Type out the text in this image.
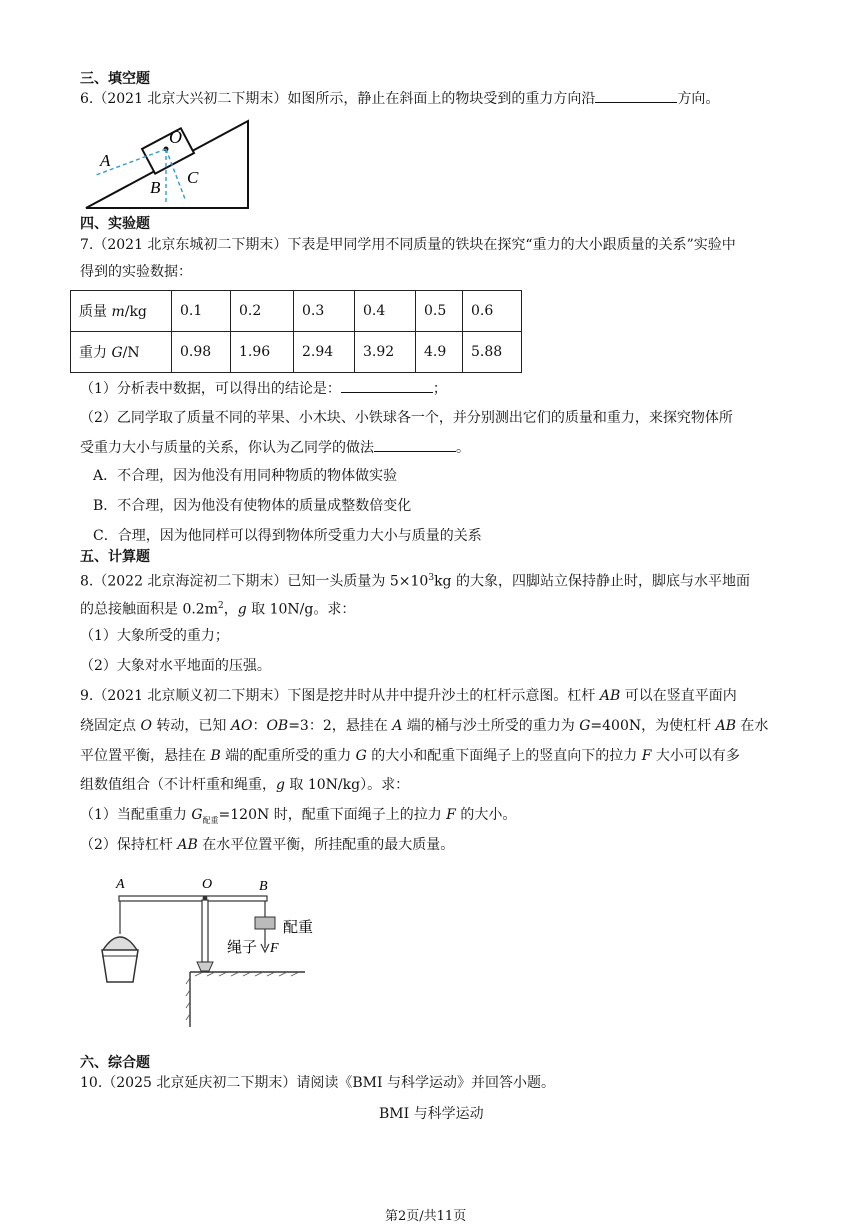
三、填空题
6.（2021 北京大兴初二下期末）如图所示，静止在斜面上的物块受到的重力方向沿	方向。
O
A
B
C
四、实验题
7.（2021 北京东城初二下期末）下表是甲同学用不同质量的铁块在探究“重力的大小跟质量的关系”实验中
得到的实验数据：
质量 m/kg	0.1	0.2	0.3	0.4	0.5	0.6
重力 G/N	0.98	1.96	2.94	3.92	4.9	5.88
（1）分析表中数据，可以得出的结论是：	；
（2）乙同学取了质量不同的苹果、小木块、小铁球各一个，并分别测出它们的质量和重力，来探究物体所
受重力大小与质量的关系，你认为乙同学的做法	。
A．不合理，因为他没有用同种物质的物体做实验
B．不合理，因为他没有使物体的质量成整数倍变化
C．合理，因为他同样可以得到物体所受重力大小与质量的关系
五、计算题
8.（2022 北京海淀初二下期末）已知一头质量为 $5\times 10^3kg$ 的大象，四脚站立保持静止时，脚底与水平地面
的总接触面积是 $0.2m^2$，g 取 10N/g。求：
（1）大象所受的重力；
（2）大象对水平地面的压强。
9.（2021 北京顺义初二下期末）下图是挖井时从井中提升沙土的杠杆示意图。杠杆 AB 可以在竖直平面内
绕固定点 O 转动，已知 AO：OB=3：2，悬挂在 A 端的桶与沙土所受的重力为 G=400N，为使杠杆 AB 在水
平位置平衡，悬挂在 B 端的配重所受的重力 G 的大小和配重下面绳子上的竖直向下的拉力 F 大小可以有多
组数值组合（不计杆重和绳重，g 取 10N/kg）。求：
（1）当配重重力 $G_{配重}=120N$ 时，配重下面绳子上的拉力 F 的大小。
（2）保持杠杆 AB 在水平位置平衡，所挂配重的最大质量。
A	O	B
配重
绳子 F
六、综合题
10.（2025 北京延庆初二下期末）请阅读《BMI 与科学运动》并回答小题。
BMI 与科学运动
第2页/共11页
